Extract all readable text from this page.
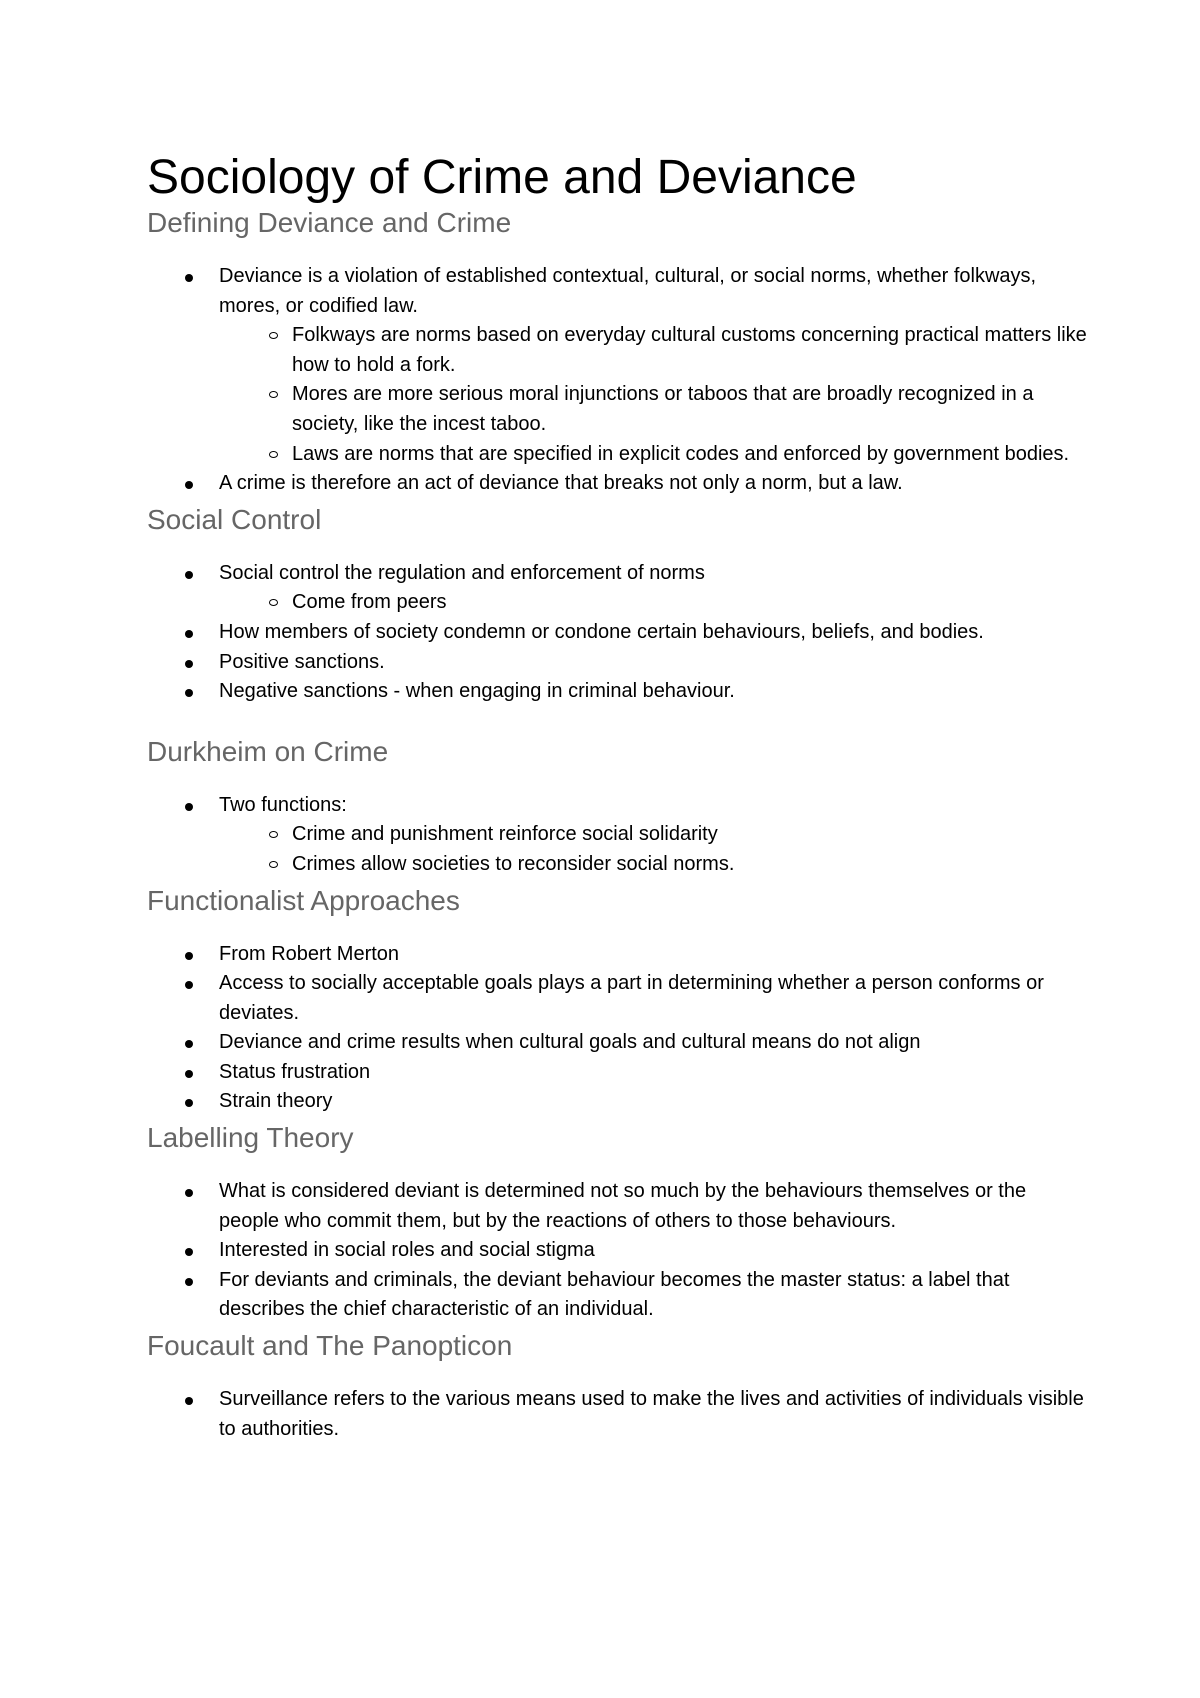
Sociology of Crime and Deviance
Defining Deviance and Crime
Deviance is a violation of established contextual, cultural, or social norms, whether folkways, mores, or codified law.
Folkways are norms based on everyday cultural customs concerning practical matters like how to hold a fork.
Mores are more serious moral injunctions or taboos that are broadly recognized in a society, like the incest taboo.
Laws are norms that are specified in explicit codes and enforced by government bodies.
A crime is therefore an act of deviance that breaks not only a norm, but a law.
Social Control
Social control the regulation and enforcement of norms
Come from peers
How members of society condemn or condone certain behaviours, beliefs, and bodies.
Positive sanctions.
Negative sanctions - when engaging in criminal behaviour.
Durkheim on Crime
Two functions:
Crime and punishment reinforce social solidarity
Crimes allow societies to reconsider social norms.
Functionalist Approaches
From Robert Merton
Access to socially acceptable goals plays a part in determining whether a person conforms or deviates.
Deviance and crime results when cultural goals and cultural means do not align
Status frustration
Strain theory
Labelling Theory
What is considered deviant is determined not so much by the behaviours themselves or the people who commit them, but by the reactions of others to those behaviours.
Interested in social roles and social stigma
For deviants and criminals, the deviant behaviour becomes the master status: a label that describes the chief characteristic of an individual.
Foucault and The Panopticon
Surveillance refers to the various means used to make the lives and activities of individuals visible to authorities.
